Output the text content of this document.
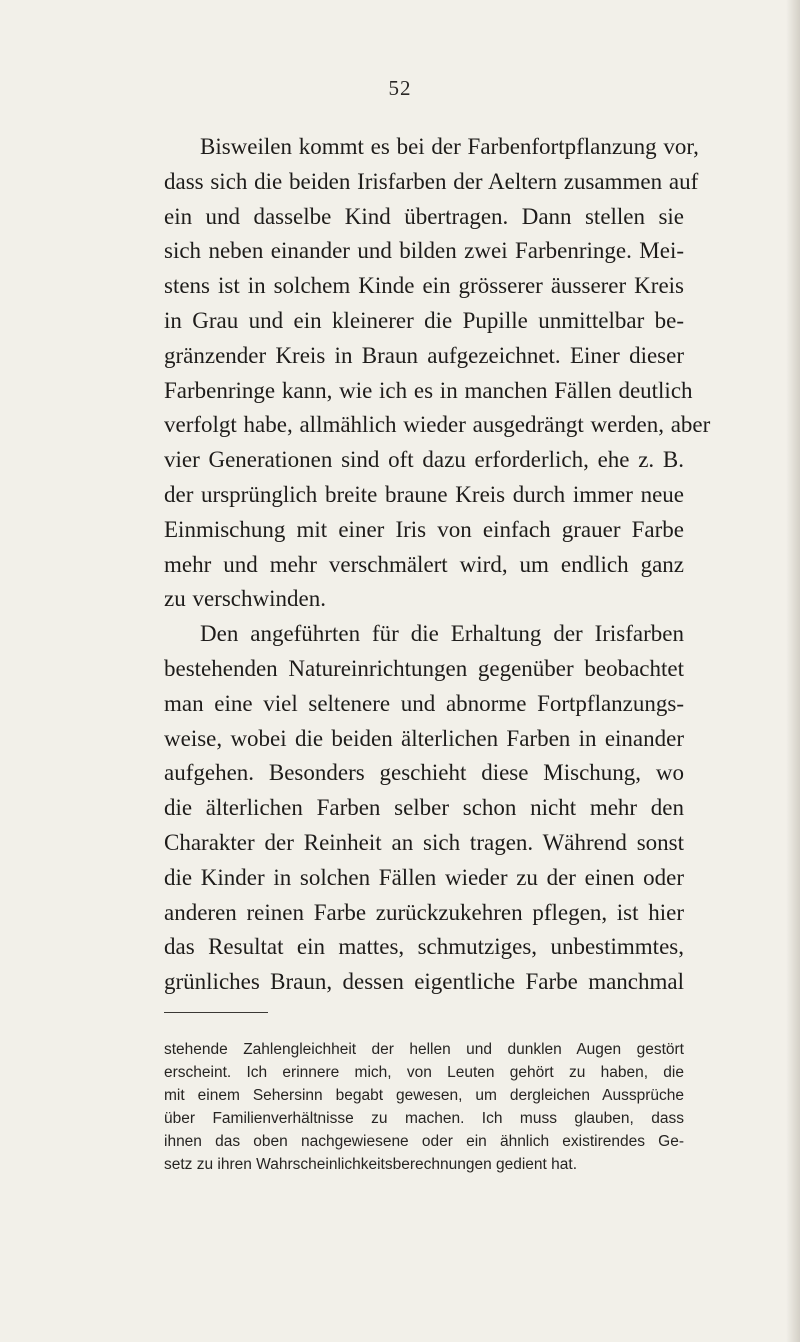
52
Bisweilen kommt es bei der Farbenfortpflanzung vor,
dass sich die beiden Irisfarben der Aeltern zusammen auf
ein und dasselbe Kind übertragen. Dann stellen sie
sich neben einander und bilden zwei Farbenringe. Mei-
stens ist in solchem Kinde ein grösserer äusserer Kreis
in Grau und ein kleinerer die Pupille unmittelbar be-
gränzender Kreis in Braun aufgezeichnet. Einer dieser
Farbenringe kann, wie ich es in manchen Fällen deutlich
verfolgt habe, allmählich wieder ausgedrängt werden, aber
vier Generationen sind oft dazu erforderlich, ehe z. B.
der ursprünglich breite braune Kreis durch immer neue
Einmischung mit einer Iris von einfach grauer Farbe
mehr und mehr verschmälert wird, um endlich ganz
zu verschwinden.
Den angeführten für die Erhaltung der Irisfarben
bestehenden Natureinrichtungen gegenüber beobachtet
man eine viel seltenere und abnorme Fortpflanzungs-
weise, wobei die beiden älterlichen Farben in einander
aufgehen. Besonders geschieht diese Mischung, wo
die älterlichen Farben selber schon nicht mehr den
Charakter der Reinheit an sich tragen. Während sonst
die Kinder in solchen Fällen wieder zu der einen oder
anderen reinen Farbe zurückzukehren pflegen, ist hier
das Resultat ein mattes, schmutziges, unbestimmtes,
grünliches Braun, dessen eigentliche Farbe manchmal
stehende Zahlengleichheit der hellen und dunklen Augen gestört
erscheint. Ich erinnere mich, von Leuten gehört zu haben, die
mit einem Sehersinn begabt gewesen, um dergleichen Aussprüche
über Familienverhältnisse zu machen. Ich muss glauben, dass
ihnen das oben nachgewiesene oder ein ähnlich existirendes Ge-
setz zu ihren Wahrscheinlichkeitsberechnungen gedient hat.
